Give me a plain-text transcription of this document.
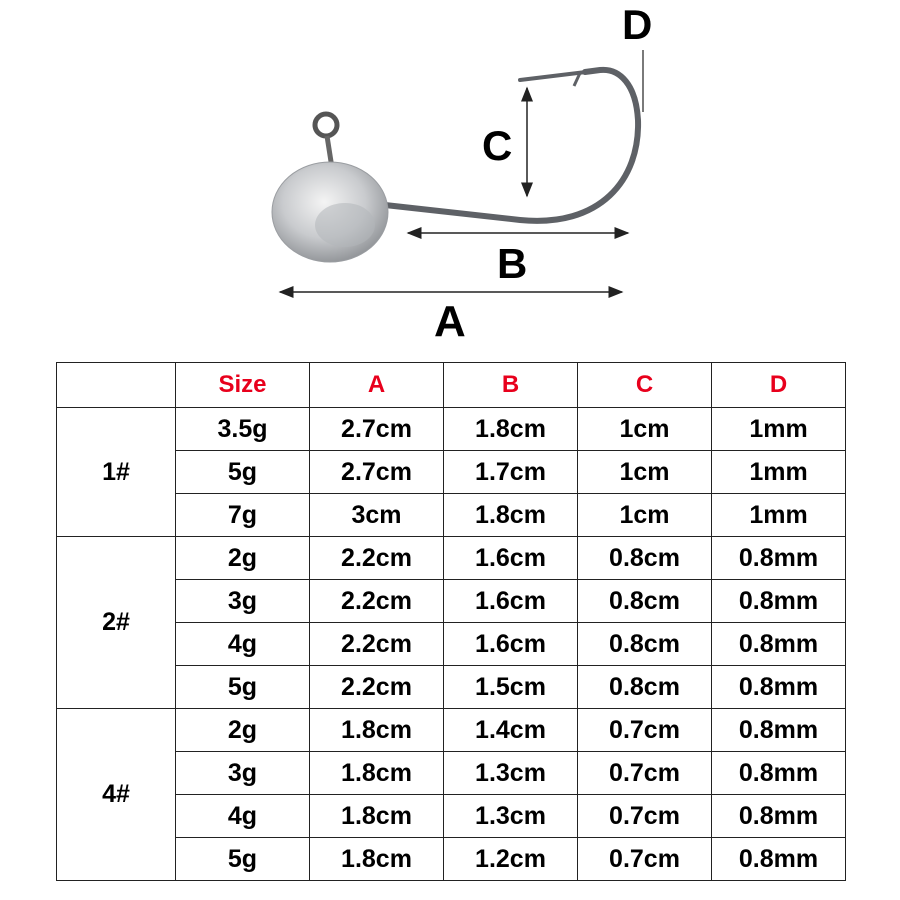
D
C
B
A
	Size	A	B	C	D
1#	3.5g	2.7cm	1.8cm	1cm	1mm
	5g	2.7cm	1.7cm	1cm	1mm
	7g	3cm	1.8cm	1cm	1mm
2#	2g	2.2cm	1.6cm	0.8cm	0.8mm
	3g	2.2cm	1.6cm	0.8cm	0.8mm
	4g	2.2cm	1.6cm	0.8cm	0.8mm
	5g	2.2cm	1.5cm	0.8cm	0.8mm
4#	2g	1.8cm	1.4cm	0.7cm	0.8mm
	3g	1.8cm	1.3cm	0.7cm	0.8mm
	4g	1.8cm	1.3cm	0.7cm	0.8mm
	5g	1.8cm	1.2cm	0.7cm	0.8mm
